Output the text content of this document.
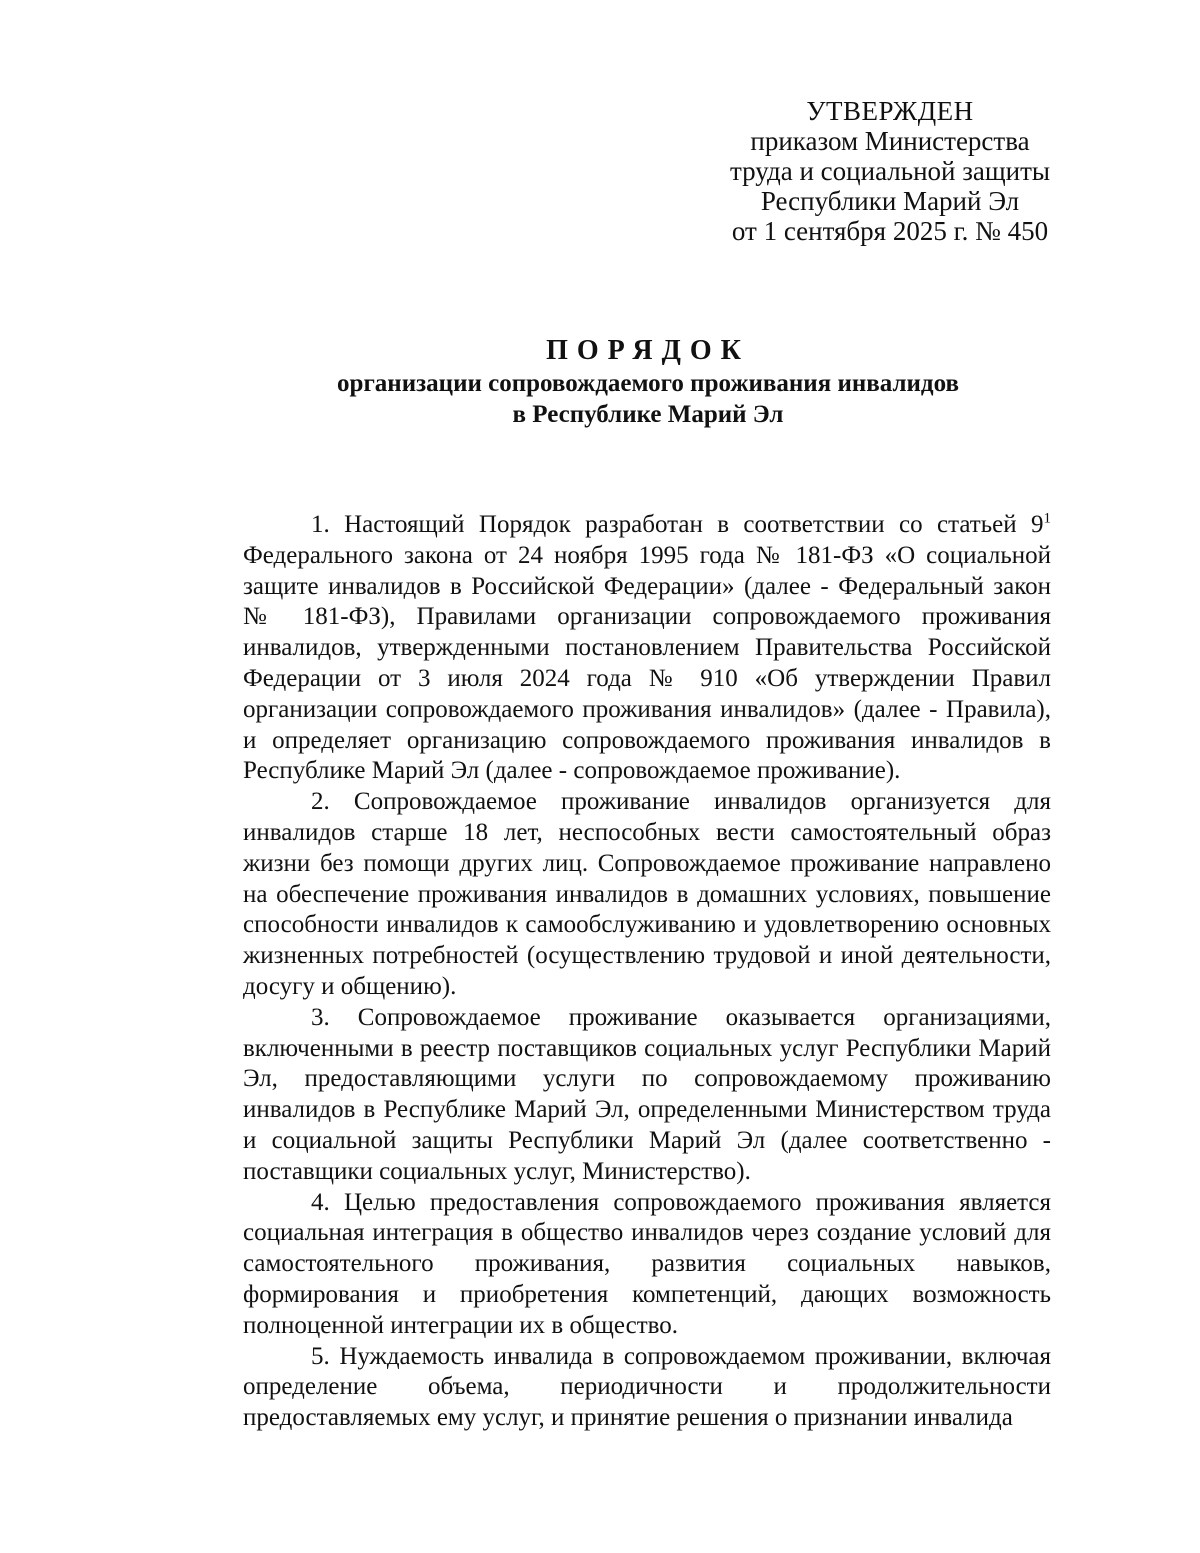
УТВЕРЖДЕН
приказом Министерства
труда и социальной защиты
Республики Марий Эл
от 1 сентября 2025 г. № 450
ПОРЯДОК
организации сопровождаемого проживания инвалидов
в Республике Марий Эл

1. Настоящий Порядок разработан в соответствии со статьей $9^1$ Федерального закона от 24 ноября 1995 года № 181-ФЗ «О социальной защите инвалидов в Российской Федерации» (далее - Федеральный закон № 181-ФЗ), Правилами организации сопровождаемого проживания инвалидов, утвержденными постановлением Правительства Российской Федерации от 3 июля 2024 года № 910 «Об утверждении Правил организации сопровождаемого проживания инвалидов» (далее - Правила), и определяет организацию сопровождаемого проживания инвалидов в Республике Марий Эл (далее - сопровождаемое проживание).

2. Сопровождаемое проживание инвалидов организуется для инвалидов старше 18 лет, неспособных вести самостоятельный образ жизни без помощи других лиц. Сопровождаемое проживание направлено на обеспечение проживания инвалидов в домашних условиях, повышение способности инвалидов к самообслуживанию и удовлетворению основных жизненных потребностей (осуществлению трудовой и иной деятельности, досугу и общению).

3. Сопровождаемое проживание оказывается организациями, включенными в реестр поставщиков социальных услуг Республики Марий Эл, предоставляющими услуги по сопровождаемому проживанию инвалидов в Республике Марий Эл, определенными Министерством труда и социальной защиты Республики Марий Эл (далее соответственно - поставщики социальных услуг, Министерство).

4. Целью предоставления сопровождаемого проживания является социальная интеграция в общество инвалидов через создание условий для самостоятельного проживания, развития социальных навыков, формирования и приобретения компетенций, дающих возможность полноценной интеграции их в общество.

5. Нуждаемость инвалида в сопровождаемом проживании, включая определение объема, периодичности и продолжительности предоставляемых ему услуг, и принятие решения о признании инвалида
